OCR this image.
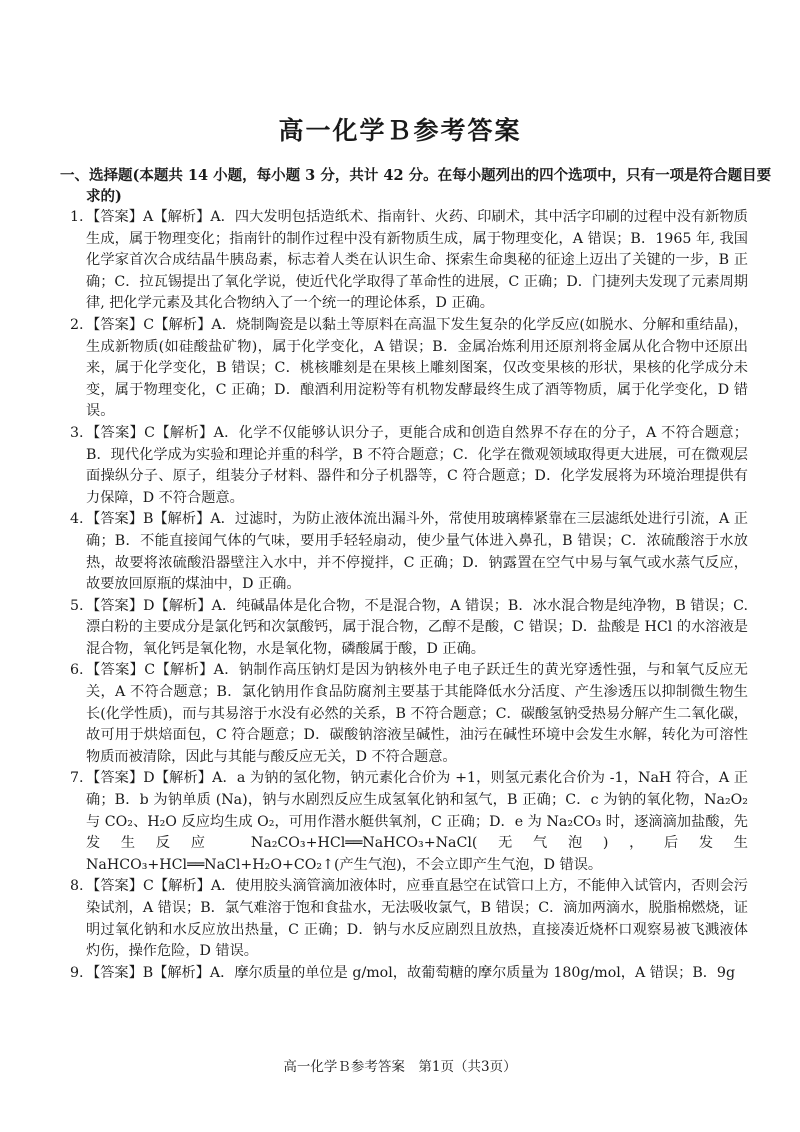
高一化学Ｂ参考答案
一、选择题(本题共 14 小题，每小题 3 分，共计 42 分。在每小题列出的四个选项中，只有一项是符合题目要求的)
1. 【答案】A【解析】A．四大发明包括造纸术、指南针、火药、印刷术，其中活字印刷的过程中没有新物质生成，属于物理变化；指南针的制作过程中没有新物质生成，属于物理变化，A 错误；B．1965 年, 我国化学家首次合成结晶牛胰岛素，标志着人类在认识生命、探索生命奥秘的征途上迈出了关键的一步，B 正确；C．拉瓦锡提出了氧化学说，使近代化学取得了革命性的进展，C 正确；D．门捷列夫发现了元素周期律, 把化学元素及其化合物纳入了一个统一的理论体系，D 正确。

2. 【答案】C【解析】A．烧制陶瓷是以黏土等原料在高温下发生复杂的化学反应(如脱水、分解和重结晶)，生成新物质(如硅酸盐矿物)，属于化学变化，A 错误；B．金属冶炼利用还原剂将金属从化合物中还原出来，属于化学变化，B 错误；C．桃核雕刻是在果核上雕刻图案，仅改变果核的形状，果核的化学成分未变，属于物理变化，C 正确；D．酿酒利用淀粉等有机物发酵最终生成了酒等物质，属于化学变化，D 错误。

3. 【答案】C【解析】A．化学不仅能够认识分子，更能合成和创造自然界不存在的分子，A 不符合题意；B．现代化学成为实验和理论并重的科学，B 不符合题意；C．化学在微观领域取得更大进展，可在微观层面操纵分子、原子，组装分子材料、器件和分子机器等，C 符合题意；D．化学发展将为环境治理提供有力保障，D 不符合题意。

4. 【答案】B【解析】A．过滤时，为防止液体流出漏斗外，常使用玻璃棒紧靠在三层滤纸处进行引流，A 正确；B．不能直接闻气体的气味，要用手轻轻扇动，使少量气体进入鼻孔，B 错误；C．浓硫酸溶于水放热，故要将浓硫酸沿器壁注入水中，并不停搅拌，C 正确；D．钠露置在空气中易与氧气或水蒸气反应，故要放回原瓶的煤油中，D 正确。

5. 【答案】D【解析】A．纯碱晶体是化合物，不是混合物，A 错误；B．冰水混合物是纯净物，B 错误；C. 漂白粉的主要成分是氯化钙和次氯酸钙，属于混合物，乙醇不是酸，C 错误；D．盐酸是 HCl 的水溶液是混合物，氧化钙是氧化物，水是氧化物，磷酸属于酸，D 正确。

6. 【答案】C【解析】A．钠制作高压钠灯是因为钠核外电子电子跃迁生的黄光穿透性强，与和氧气反应无关，A 不符合题意；B．氯化钠用作食品防腐剂主要基于其能降低水分活度、产生渗透压以抑制微生物生长(化学性质)，而与其易溶于水没有必然的关系，B 不符合题意；C．碳酸氢钠受热易分解产生二氧化碳，故可用于烘焙面包，C 符合题意；D．碳酸钠溶液呈碱性，油污在碱性环境中会发生水解，转化为可溶性物质而被清除，因此与其能与酸反应无关，D 不符合题意。

7. 【答案】D【解析】A．a 为钠的氢化物，钠元素化合价为 +1，则氢元素化合价为 -1，NaH 符合，A 正确；B．b 为钠单质 (Na)，钠与水剧烈反应生成氢氧化钠和氢气，B 正确；C．c 为钠的氧化物，Na₂O₂ 与 CO₂、H₂O 反应均生成 O₂，可用作潜水艇供氧剂，C 正确；D．e 为 Na₂CO₃ 时，逐滴滴加盐酸，先发生反应 Na₂CO₃+HCl══NaHCO₃+NaCl(无气泡)，后发生 NaHCO₃+HCl══NaCl+H₂O+CO₂↑(产生气泡)，不会立即产生气泡，D 错误。

8. 【答案】C【解析】A．使用胶头滴管滴加液体时，应垂直悬空在试管口上方，不能伸入试管内，否则会污染试剂，A 错误；B．氯气难溶于饱和食盐水，无法吸收氯气，B 错误；C．滴加两滴水，脱脂棉燃烧，证明过氧化钠和水反应放出热量，C 正确；D．钠与水反应剧烈且放热，直接凑近烧杯口观察易被飞溅液体灼伤，操作危险，D 错误。

9. 【答案】B【解析】A．摩尔质量的单位是 g/mol，故葡萄糖的摩尔质量为 180g/mol，A 错误；B．9g

高一化学Ｂ参考答案　第1页（共3页）
